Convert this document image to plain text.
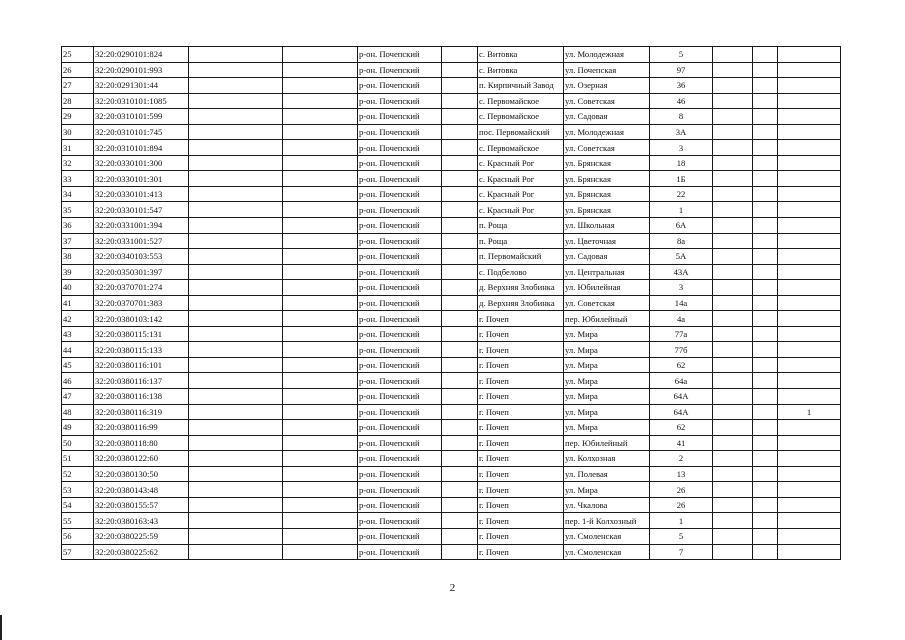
25	32:20:0290101:824			р-он. Почепский		с. Витовка	ул. Молодежная	5			
26	32:20:0290101:993			р-он. Почепский		с. Витовка	ул. Почепская	97			
27	32:20:0291301:44			р-он. Почепский		п. Кирпичный Завод	ул. Озерная	36			
28	32:20:0310101:1085			р-он. Почепский		с. Первомайское	ул. Советская	46			
29	32:20:0310101:599			р-он. Почепский		с. Первомайское	ул. Садовая	8			
30	32:20:0310101:745			р-он. Почепский		пос. Первомайский	ул. Молодежная	3А			
31	32:20:0310101:894			р-он. Почепский		с. Первомайское	ул. Советская	3			
32	32:20:0330101:300			р-он. Почепский		с. Красный Рог	ул. Брянская	18			
33	32:20:0330101:301			р-он. Почепский		с. Красный Рог	ул. Брянская	1Б			
34	32:20:0330101:413			р-он. Почепский		с. Красный Рог	ул. Брянская	22			
35	32:20:0330101:547			р-он. Почепский		с. Красный Рог	ул. Брянская	1			
36	32:20:0331001:394			р-он. Почепский		п. Роща	ул. Школьная	6А			
37	32:20:0331001:527			р-он. Почепский		п. Роща	ул. Цветочная	8а			
38	32:20:0340103:553			р-он. Почепский		п. Первомайский	ул. Садовая	5А			
39	32:20:0350301:397			р-он. Почепский		с. Подбелово	ул. Центральная	43А			
40	32:20:0370701:274			р-он. Почепский		д. Верхняя Злобинка	ул. Юбилейная	3			
41	32:20:0370701:383			р-он. Почепский		д. Верхняя Злобинка	ул. Советская	14а			
42	32:20:0380103:142			р-он. Почепский		г. Почеп	пер. Юбилейный	4а			
43	32:20:0380115:131			р-он. Почепский		г. Почеп	ул. Мира	77а			
44	32:20:0380115:133			р-он. Почепский		г. Почеп	ул. Мира	77б			
45	32:20:0380116:101			р-он. Почепский		г. Почеп	ул. Мира	62			
46	32:20:0380116:137			р-он. Почепский		г. Почеп	ул. Мира	64а			
47	32:20:0380116:138			р-он. Почепский		г. Почеп	ул. Мира	64А			
48	32:20:0380116:319			р-он. Почепский		г. Почеп	ул. Мира	64А			1
49	32:20:0380116:99			р-он. Почепский		г. Почеп	ул. Мира	62			
50	32:20:0380118:80			р-он. Почепский		г. Почеп	пер. Юбилейный	41			
51	32:20:0380122:60			р-он. Почепский		г. Почеп	ул. Колхозная	2			
52	32:20:0380130:50			р-он. Почепский		г. Почеп	ул. Полевая	13			
53	32:20:0380143:48			р-он. Почепский		г. Почеп	ул. Мира	26			
54	32:20:0380155:57			р-он. Почепский		г. Почеп	ул. Чкалова	26			
55	32:20:0380163:43			р-он. Почепский		г. Почеп	пер. 1-й Колхозный	1			
56	32:20:0380225:59			р-он. Почепский		г. Почеп	ул. Смоленская	5			
57	32:20:0380225:62			р-он. Почепский		г. Почеп	ул. Смоленская	7			
2
